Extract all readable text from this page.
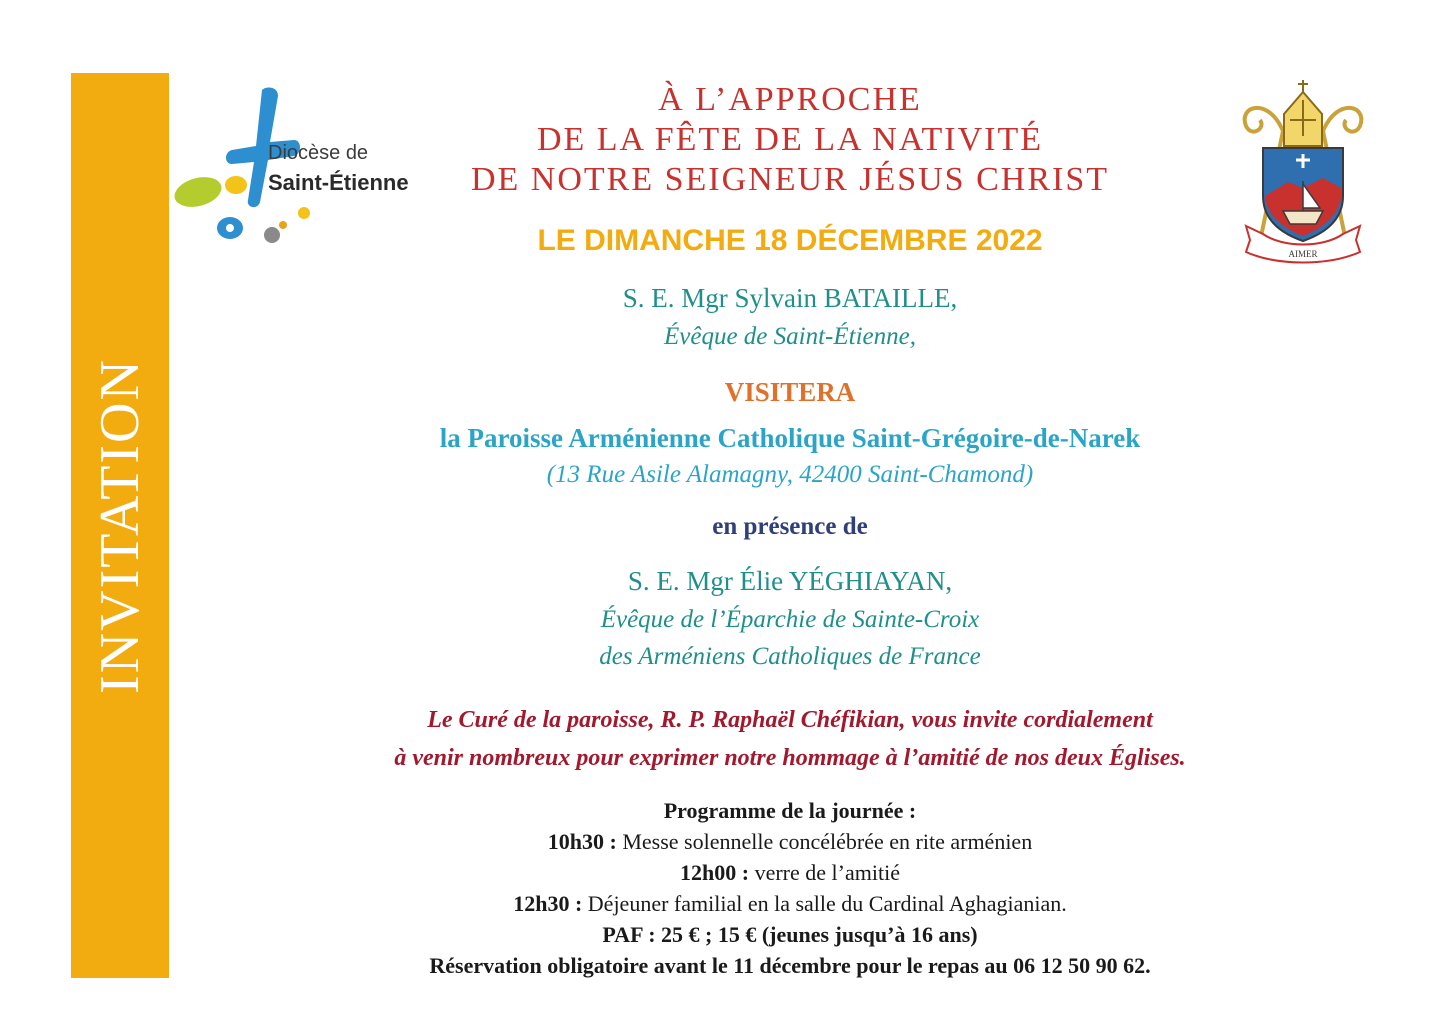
INVITATION
Diocèse de
Saint-Étienne
AIMER
À L’APPROCHE
DE LA FÊTE DE LA NATIVITÉ
DE NOTRE SEIGNEUR JÉSUS CHRIST
LE DIMANCHE 18 DÉCEMBRE 2022
S. E. Mgr Sylvain BATAILLE,
Évêque de Saint-Étienne,
VISITERA
la Paroisse Arménienne Catholique Saint-Grégoire-de-Narek
(13 Rue Asile Alamagny, 42400 Saint-Chamond)
en présence de
S. E. Mgr Élie YÉGHIAYAN,
Évêque de l’Éparchie de Sainte-Croix
des Arméniens Catholiques de France
Le Curé de la paroisse, R. P. Raphaël Chéfikian, vous invite cordialement
à venir nombreux pour exprimer notre hommage à l’amitié de nos deux Églises.
Programme de la journée :
10h30 : Messe solennelle concélébrée en rite arménien
12h00 : verre de l’amitié
12h30 : Déjeuner familial en la salle du Cardinal Aghagianian.
PAF : 25 € ; 15 € (jeunes jusqu’à 16 ans)
Réservation obligatoire avant le 11 décembre pour le repas au 06 12 50 90 62.
